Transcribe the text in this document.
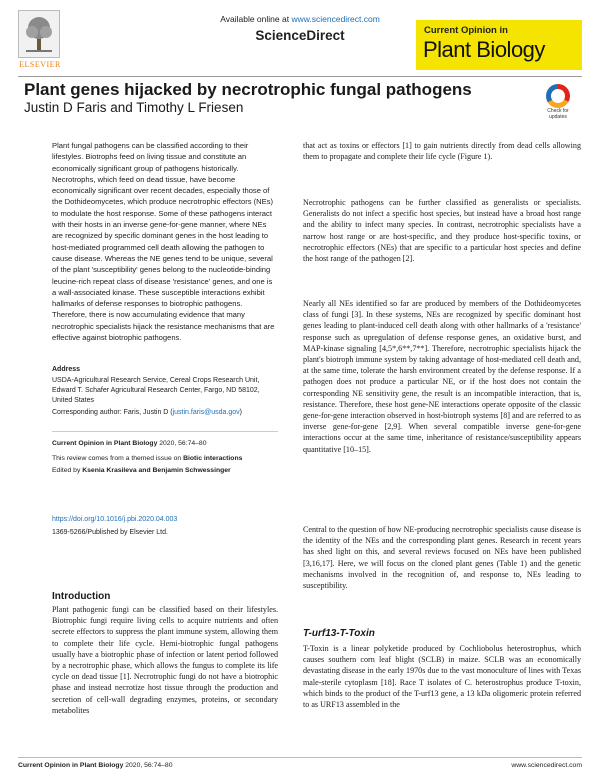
ELSEVIER
Available online at www.sciencedirect.com
ScienceDirect	Current Opinion in
Plant Biology
Plant genes hijacked by necrotrophic fungal pathogens
Justin D Faris and Timothy L Friesen	Check for updates

Plant fungal pathogens can be classified according to their lifestyles. Biotrophs feed on living tissue and constitute an economically significant group of pathogens historically. Necrotrophs, which feed on dead tissue, have become economically significant over recent decades, especially those of the Dothideomycetes, which produce necrotrophic effectors (NEs) to modulate the host response. Some of these pathogens interact with their hosts in an inverse gene-for-gene manner, where NEs are recognized by specific dominant genes in the host leading to host-mediated programmed cell death allowing the pathogen to cause disease. Whereas the NE genes tend to be unique, several of the plant 'susceptibility' genes belong to the nucleotide-binding leucine-rich repeat class of disease 'resistance' genes, and one is a wall-associated kinase. These susceptible interactions exhibit hallmarks of defense responses to biotrophic pathogens. Therefore, there is now accumulating evidence that many necrotrophic specialists hijack the resistance mechanisms that are effective against biotrophic pathogens.

Address
USDA-Agricultural Research Service, Cereal Crops Research Unit,
Edward T. Schafer Agricultural Research Center, Fargo, ND 58102,
United States
Corresponding author: Faris, Justin D (justin.faris@usda.gov)
Current Opinion in Plant Biology 2020, 56:74–80
This review comes from a themed issue on Biotic interactions
Edited by Ksenia Krasileva and Benjamin Schwessinger
https://doi.org/10.1016/j.pbi.2020.04.003
1369-5266/Published by Elsevier Ltd.
Introduction

Plant pathogenic fungi can be classified based on their lifestyles. Biotrophic fungi require living cells to acquire nutrients and often secrete effectors to suppress the plant immune system, allowing them to complete their life cycle. Hemi-biotrophic fungal pathogens usually have a biotrophic phase of infection or latent period followed by a necrotrophic phase, which allows the fungus to complete its life cycle on dead tissue [1]. Necrotrophic fungi do not have a biotrophic phase and instead necrotize host tissue through the production and secretion of cell-wall degrading enzymes, proteins, or secondary metabolites

that act as toxins or effectors [1] to gain nutrients directly from dead cells allowing them to propagate and complete their life cycle (Figure 1).

Necrotrophic pathogens can be further classified as generalists or specialists. Generalists do not infect a specific host species, but instead have a broad host range and the ability to infect many species. In contrast, necrotrophic specialists have a narrow host range or are host-specific, and they produce host-specific toxins, or necrotrophic effectors (NEs) that are specific to a particular host species and define the host range of the pathogen [2].

Nearly all NEs identified so far are produced by members of the Dothideomycetes class of fungi [3]. In these systems, NEs are recognized by specific dominant host genes leading to plant-induced cell death along with other hallmarks of a 'resistance' response such as upregulation of defense response genes, an oxidative burst, and MAP-kinase signaling [4,5*,6**,7**]. Therefore, necrotrophic specialists hijack the plant's biotroph immune system by taking advantage of host-mediated cell death and, at the same time, tolerate the harsh environment created by the defense response. If a pathogen does not produce a particular NE, or if the host does not contain the corresponding NE sensitivity gene, the result is an incompatible interaction, that is, resistance. Therefore, these host gene-NE interactions operate opposite of the classic gene-for-gene interaction observed in host-biotroph systems [8] and are referred to as inverse gene-for-gene [2,9]. When several compatible inverse gene-for-gene interactions occur at the same time, inheritance of resistance/susceptibility appears quantitative [10–15].

Central to the question of how NE-producing necrotrophic specialists cause disease is the identity of the NEs and the corresponding plant genes. Research in recent years has shed light on this, and several reviews focused on NEs have been published [3,16,17]. Here, we will focus on the cloned plant genes (Table 1) and the genetic mechanisms involved in the recognition of, and response to, NEs leading to susceptibility.

T-urf13-T-Toxin

T-Toxin is a linear polyketide produced by Cochliobolus heterostrophus, which causes southern corn leaf blight (SCLB) in maize. SCLB was an economically devastating disease in the early 1970s due to the vast monoculture of lines with Texas male-sterile cytoplasm [18]. Race T isolates of C. heterostrophus produce T-toxin, which binds to the product of the T-urf13 gene, a 13 kDa oligomeric protein referred to as URF13 assembled in the

Current Opinion in Plant Biology 2020, 56:74–80	www.sciencedirect.com
